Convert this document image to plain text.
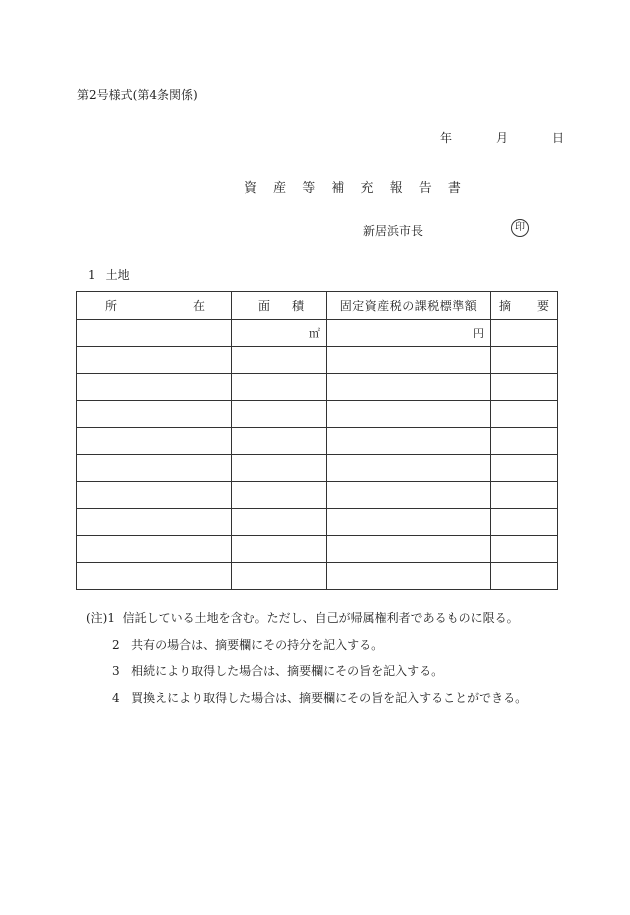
第2号様式(第4条関係)
年	月	日
資 産 等 補 充 報 告 書
新居浜市長	印
1 土地
所 在	面 積	固定資産税の課税標準額	摘 要

	㎡	円	

(注)1 信託している土地を含む。ただし、自己が帰属権利者であるものに限る。
2 共有の場合は、摘要欄にその持分を記入する。
3 相続により取得した場合は、摘要欄にその旨を記入する。
4 買換えにより取得した場合は、摘要欄にその旨を記入することができる。
